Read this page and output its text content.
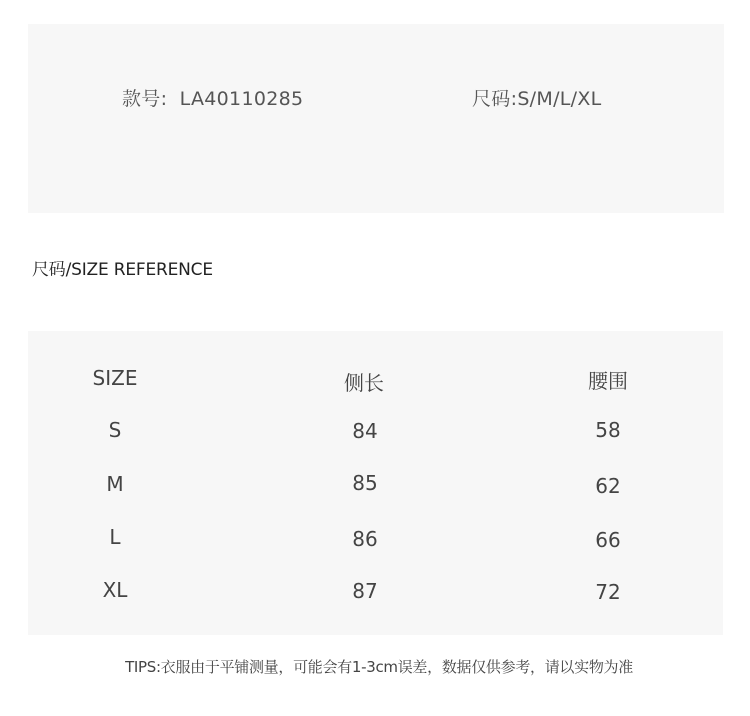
款号: LA40110285	尺码:S/M/L/XL
尺码/SIZE REFERENCE
SIZE	侧长	腰围
S	84	58
M	85	62
L	86	66
XL	87	72
TIPS:衣服由于平铺测量，可能会有1-3cm误差，数据仅供参考，请以实物为准
